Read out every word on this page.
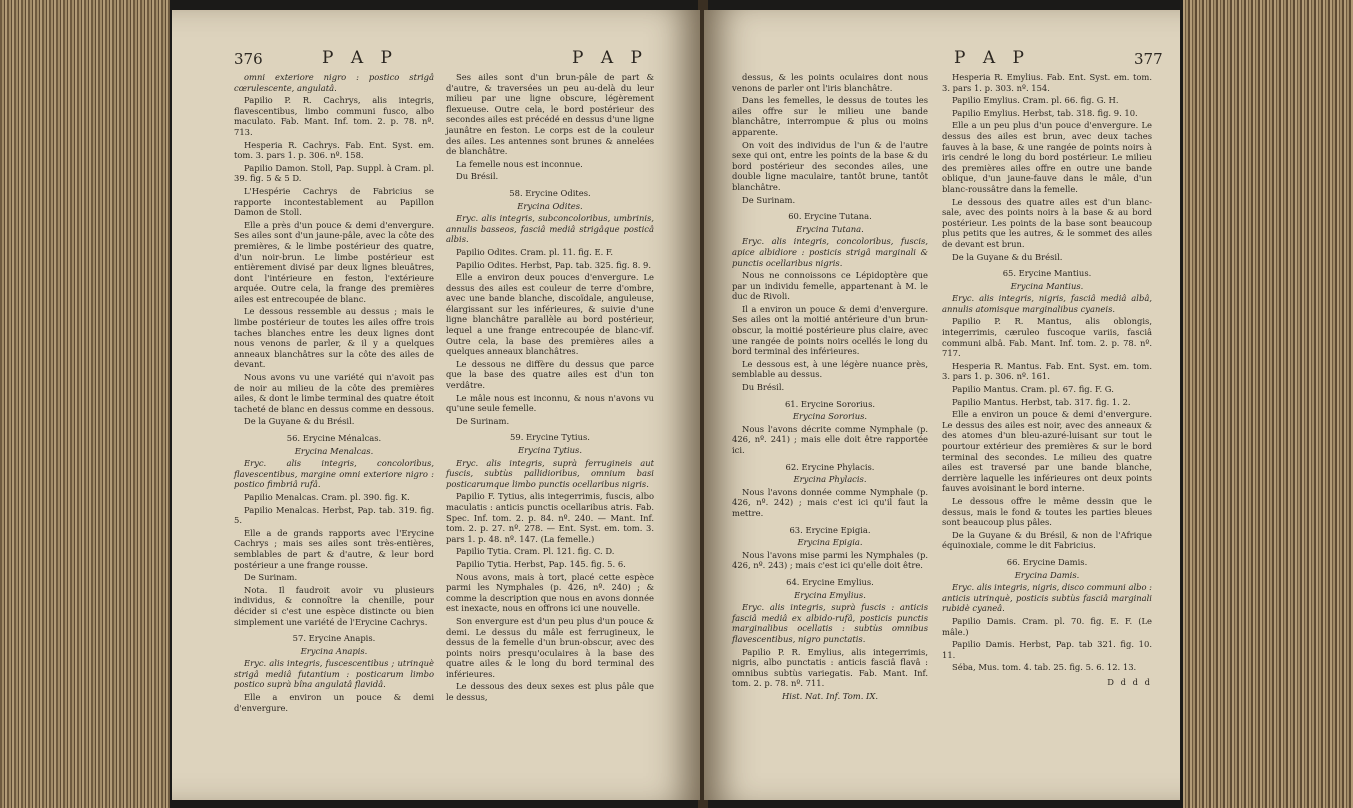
376	P A P	P A P

omni exteriore nigro : postico strigâ cœrulescente, angulatâ.

Papilio P. R. Cachrys, alis integris, flavescentibus, limbo communi fusco, albo maculato. Fab. Mant. Inf. tom. 2. p. 78. nº. 713.

Hesperia R. Cachrys. Fab. Ent. Syst. em. tom. 3. pars 1. p. 306. nº. 158.

Papilio Damon. Stoll, Pap. Suppl. à Cram. pl. 39. fig. 5 & 5 D.

L'Hespérie Cachrys de Fabricius se rapporte incontestablement au Papillon Damon de Stoll.

Elle a près d'un pouce & demi d'envergure. Ses ailes sont d'un jaune-pâle, avec la côte des premières, & le limbe postérieur des quatre, d'un noir-brun. Le limbe postérieur est entièrement divisé par deux lignes bleuâtres, dont l'intérieure en feston, l'extérieure arquée. Outre cela, la frange des premières ailes est entrecoupée de blanc.

Le dessous ressemble au dessus ; mais le limbe postérieur de toutes les ailes offre trois taches blanches entre les deux lignes dont nous venons de parler, & il y a quelques anneaux blanchâtres sur la côte des ailes de devant.

Nous avons vu une variété qui n'avoit pas de noir au milieu de la côte des premières ailes, & dont le limbe terminal des quatre étoit tacheté de blanc en dessus comme en dessous.

De la Guyane & du Brésil.

56. Erycine Ménalcas.

Erycina Menalcas.

Eryc. alis integris, concoloribus, flavescentibus, margine omni exteriore nigro : postico fimbriâ rufâ.

Papilio Menalcas. Cram. pl. 390. fig. K.

Papilio Menalcas. Herbst, Pap. tab. 319. fig. 5.

Elle a de grands rapports avec l'Erycine Cachrys ; mais ses ailes sont très-entières, semblables de part & d'autre, & leur bord postérieur a une frange rousse.

De Surinam.

Nota. Il faudroit avoir vu plusieurs individus, & connoître la chenille, pour décider si c'est une espèce distincte ou bien simplement une variété de l'Erycine Cachrys.

57. Erycine Anapis.

Erycina Anapis.

Eryc. alis integris, fuscescentibus ; utrinquè strigâ mediâ futantium : posticarum limbo postico suprà bîna angulatâ flavidâ.

Elle a environ un pouce & demi d'envergure.

Ses ailes sont d'un brun-pâle de part & d'autre, & traversées un peu au-delà du leur milieu par une ligne obscure, légèrement flexueuse. Outre cela, le bord postérieur des secondes ailes est précédé en dessus d'une ligne jaunâtre en feston. Le corps est de la couleur des ailes. Les antennes sont brunes & annelées de blanchâtre.

La femelle nous est inconnue.

Du Brésil.

58. Erycine Odites.

Erycina Odites.

Eryc. alis integris, subconcoloribus, umbrinis, annulis basseos, fasciâ mediâ strigâque posticâ albis.

Papilio Odites. Cram. pl. 11. fig. E. F.

Papilio Odites. Herbst, Pap. tab. 325. fig. 8. 9.

Elle a environ deux pouces d'envergure. Le dessus des ailes est couleur de terre d'ombre, avec une bande blanche, discoïdale, anguleuse, élargissant sur les inférieures, & suivie d'une ligne blanchâtre parallèle au bord postérieur, lequel a une frange entrecoupée de blanc-vif. Outre cela, la base des premières ailes a quelques anneaux blanchâtres.

Le dessous ne diffère du dessus que parce que la base des quatre ailes est d'un ton verdâtre.

Le mâle nous est inconnu, & nous n'avons vu qu'une seule femelle.

De Surinam.

59. Erycine Tytius.

Erycina Tytius.

Eryc. alis integris, suprà ferrugineis aut fuscis, subtùs pallidioribus, omnium basi posticarumque limbo punctis ocellaribus nigris.

Papilio F. Tytius, alis integerrimis, fuscis, albo maculatis : anticis punctis ocellaribus atris. Fab. Spec. Inf. tom. 2. p. 84. nº. 240. — Mant. Inf. tom. 2. p. 27. nº. 278. — Ent. Syst. em. tom. 3. pars 1. p. 48. nº. 147. (La femelle.)

Papilio Tytia. Cram. Pl. 121. fig. C. D.

Papilio Tytia. Herbst, Pap. 145. fig. 5. 6.

Nous avons, mais à tort, placé cette espèce parmi les Nymphales (p. 426, nº. 240) ; & comme la description que nous en avons donnée est inexacte, nous en offrons ici une nouvelle.

Son envergure est d'un peu plus d'un pouce & demi. Le dessus du mâle est ferrugineux, le dessus de la femelle d'un brun-obscur, avec des points noirs presqu'oculaires à la base des quatre ailes & le long du bord terminal des inférieures.

Le dessous des deux sexes est plus pâle que le dessus,

P A P	377

dessus, & les points oculaires dont nous venons de parler ont l'iris blanchâtre.

Dans les femelles, le dessus de toutes les ailes offre sur le milieu une bande blanchâtre, interrompue & plus ou moins apparente.

On voit des individus de l'un & de l'autre sexe qui ont, entre les points de la base & du bord postérieur des secondes ailes, une double ligne maculaire, tantôt brune, tantôt blanchâtre.

De Surinam.

60. Erycine Tutana.

Erycina Tutana.

Eryc. alis integris, concoloribus, fuscis, apice albidiore : posticis strigâ marginali & punctis ocellaribus nigris.

Nous ne connoissons ce Lépidoptère que par un individu femelle, appartenant à M. le duc de Rivoli.

Il a environ un pouce & demi d'envergure. Ses ailes ont la moitié antérieure d'un brun-obscur, la moitié postérieure plus claire, avec une rangée de points noirs ocellés le long du bord terminal des inférieures.

Le dessous est, à une légère nuance près, semblable au dessus.

Du Brésil.

61. Erycine Sororius.

Erycina Sororius.

Nous l'avons décrite comme Nymphale (p. 426, nº. 241) ; mais elle doit être rapportée ici.

62. Erycine Phylacis.

Erycina Phylacis.

Nous l'avons donnée comme Nymphale (p. 426, nº. 242) ; mais c'est ici qu'il faut la mettre.

63. Erycine Epigia.

Erycina Epigia.

Nous l'avons mise parmi les Nymphales (p. 426, nº. 243) ; mais c'est ici qu'elle doit être.

64. Erycine Emylius.

Erycina Emylius.

Eryc. alis integris, suprà fuscis : anticis fasciâ mediâ ex albido-rufâ, posticis punctis marginalibus ocellatis : subtùs omnibus flavescentibus, nigro punctatis.

Papilio P. R. Emylius, alis integerrimis, nigris, albo punctatis : anticis fasciâ flavâ : omnibus subtùs variegatis. Fab. Mant. Inf. tom. 2. p. 78. nº. 711.

Hist. Nat. Inf. Tom. IX.

Hesperia R. Emylius. Fab. Ent. Syst. em. tom. 3. pars 1. p. 303. nº. 154.

Papilio Emylius. Cram. pl. 66. fig. G. H.

Papilio Emylius. Herbst, tab. 318. fig. 9. 10.

Elle a un peu plus d'un pouce d'envergure. Le dessus des ailes est brun, avec deux taches fauves à la base, & une rangée de points noirs à iris cendré le long du bord postérieur. Le milieu des premières ailes offre en outre une bande oblique, d'un jaune-fauve dans le mâle, d'un blanc-roussâtre dans la femelle.

Le dessous des quatre ailes est d'un blanc-sale, avec des points noirs à la base & au bord postérieur. Les points de la base sont beaucoup plus petits que les autres, & le sommet des ailes de devant est brun.

De la Guyane & du Brésil.

65. Erycine Mantius.

Erycina Mantius.

Eryc. alis integris, nigris, fasciâ mediâ albâ, annulis atomisque marginalibus cyaneis.

Papilio P. R. Mantus, alis oblongis, integerrimis, cæruleo fuscoque variis, fasciâ communi albâ. Fab. Mant. Inf. tom. 2. p. 78. nº. 717.

Hesperia R. Mantus. Fab. Ent. Syst. em. tom. 3. pars 1. p. 306. nº. 161.

Papilio Mantus. Cram. pl. 67. fig. F. G.

Papilio Mantus. Herbst, tab. 317. fig. 1. 2.

Elle a environ un pouce & demi d'envergure. Le dessus des ailes est noir, avec des anneaux & des atomes d'un bleu-azuré-luisant sur tout le pourtour extérieur des premières & sur le bord terminal des secondes. Le milieu des quatre ailes est traversé par une bande blanche, derrière laquelle les inférieures ont deux points fauves avoisinant le bord interne.

Le dessous offre le même dessin que le dessus, mais le fond & toutes les parties bleues sont beaucoup plus pâles.

De la Guyane & du Brésil, & non de l'Afrique équinoxiale, comme le dit Fabricius.

66. Erycine Damis.

Erycina Damis.

Eryc. alis integris, nigris, disco communi albo : anticis utrinquè, posticis subtùs fasciâ marginali rubidè cyaneâ.

Papilio Damis. Cram. pl. 70. fig. E. F. (Le mâle.)

Papilio Damis. Herbst, Pap. tab 321. fig. 10. 11.

Séba, Mus. tom. 4. tab. 25. fig. 5. 6. 12. 13.

D d d d
